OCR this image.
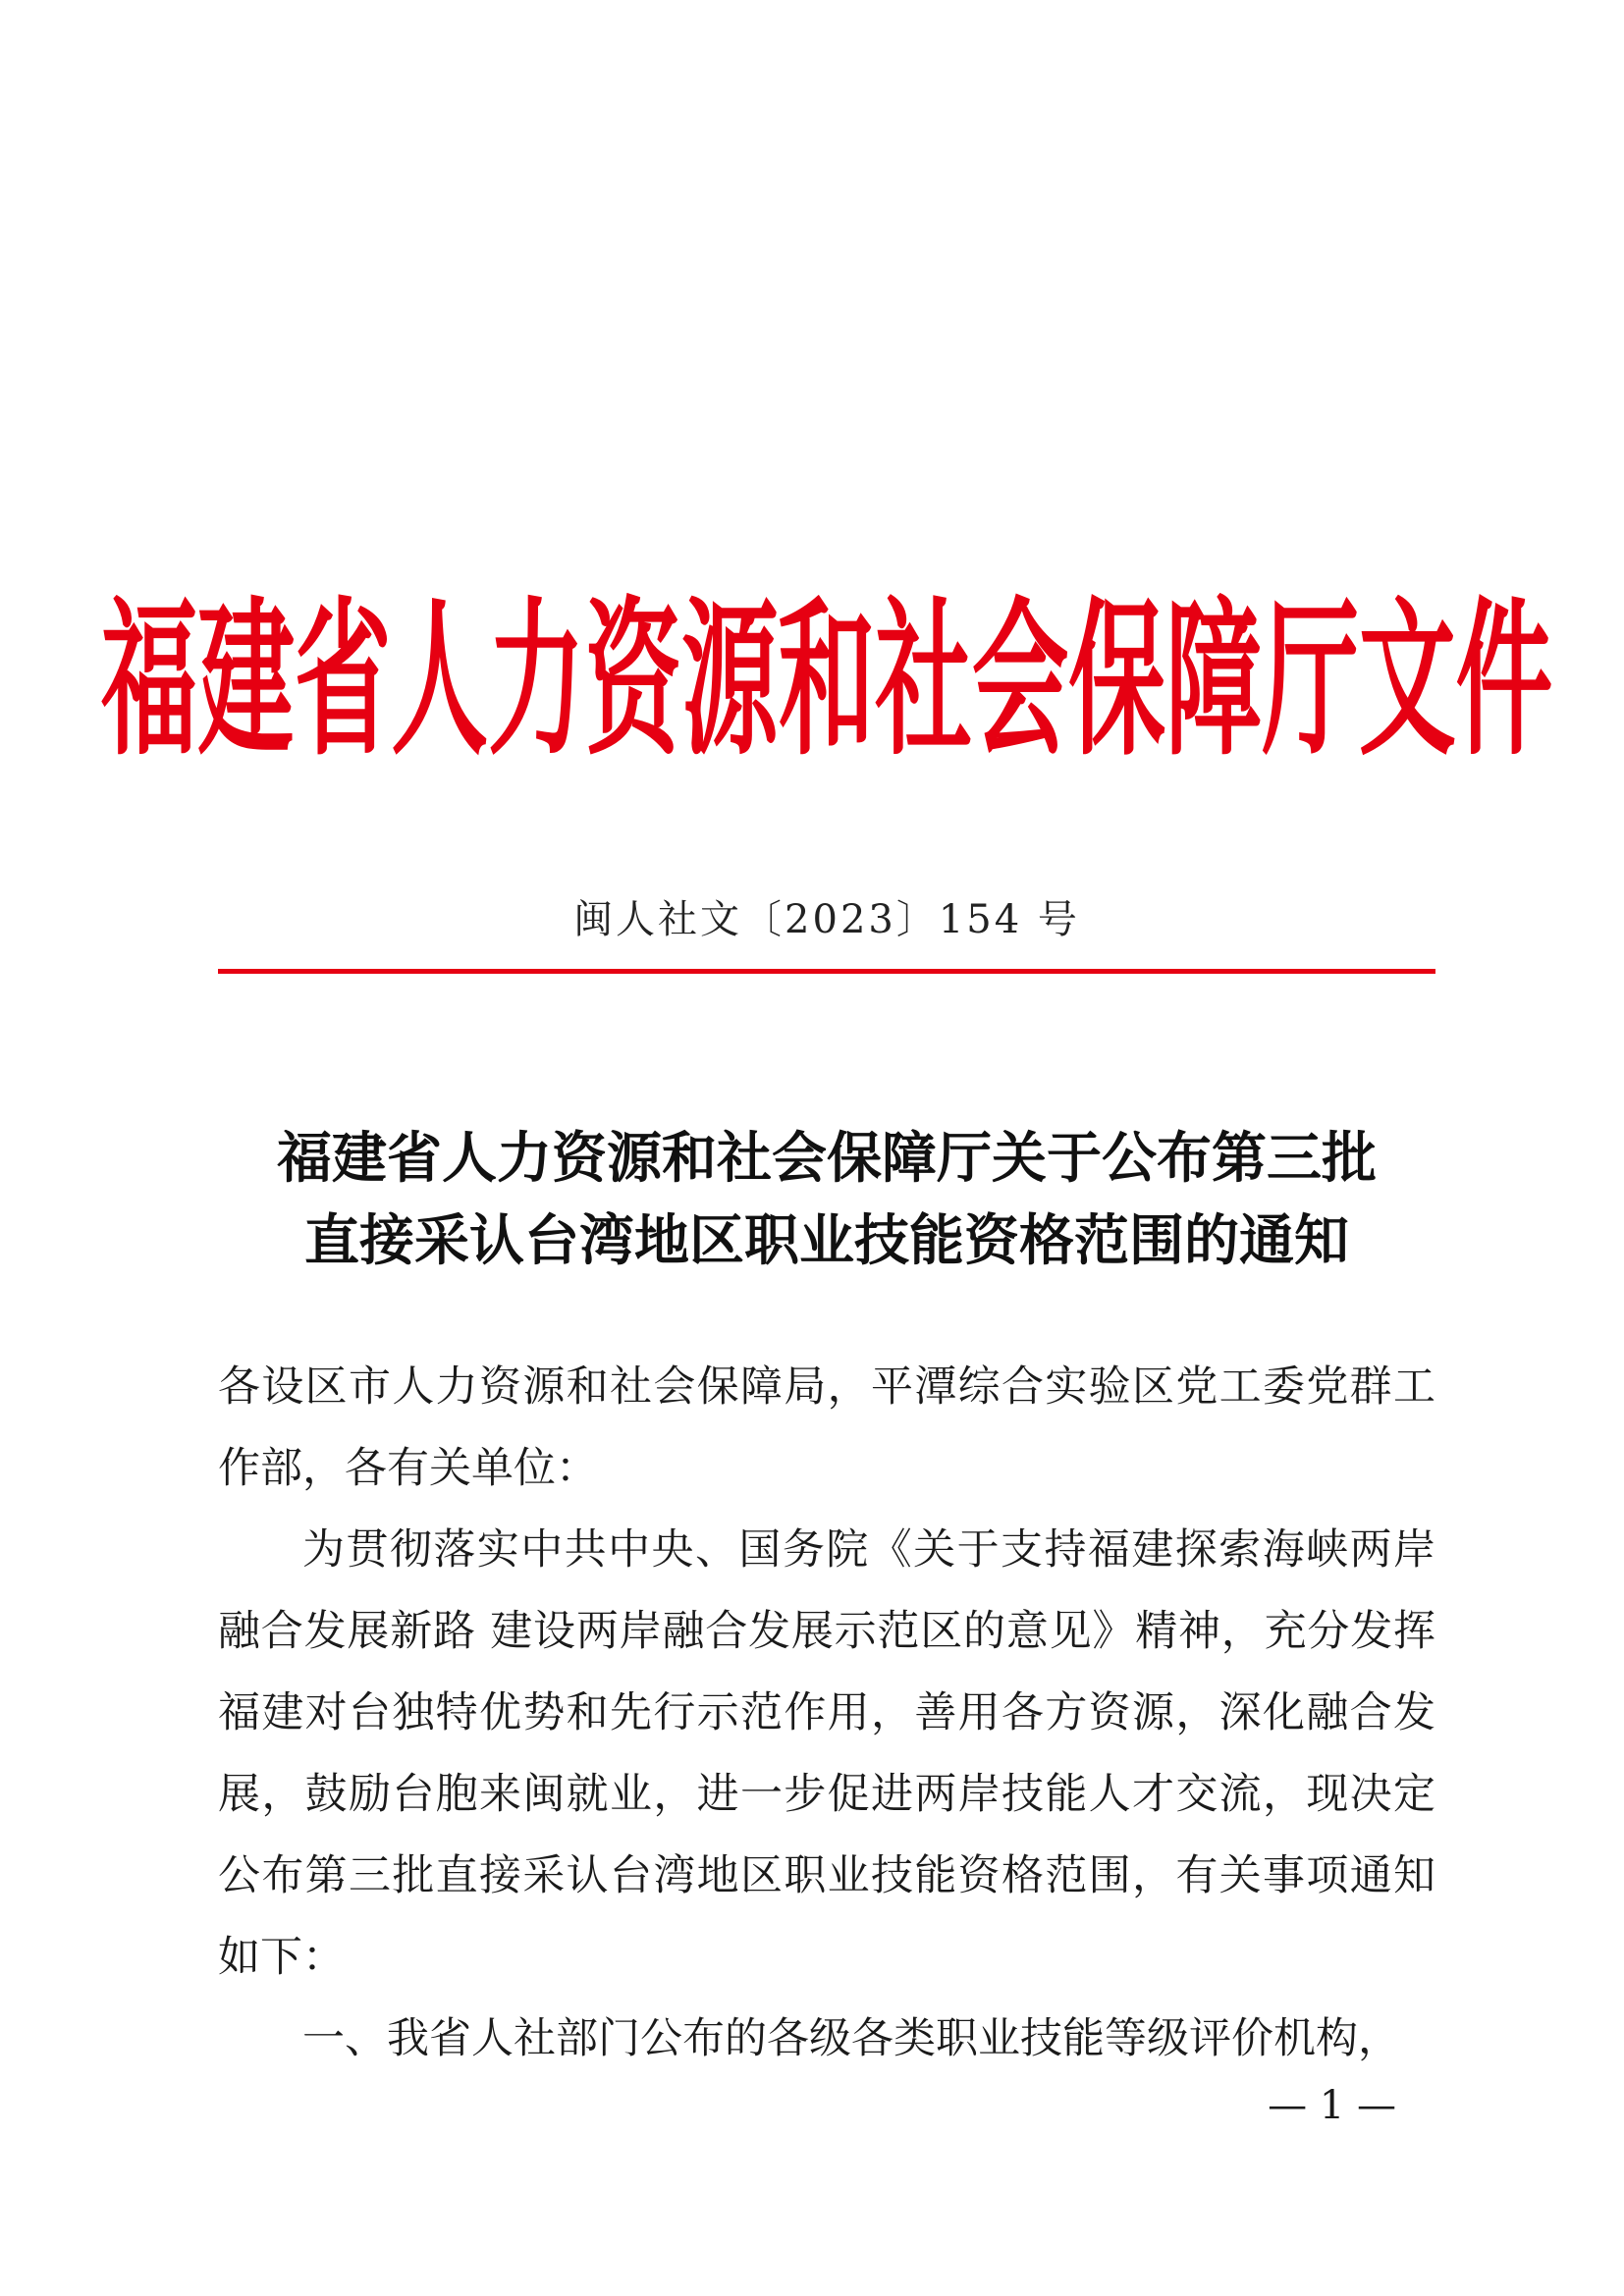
福建省人力资源和社会保障厅文件
闽人社文〔2023〕154 号
福建省人力资源和社会保障厅关于公布第三批
直接采认台湾地区职业技能资格范围的通知

各设区市人力资源和社会保障局，平潭综合实验区党工委党群工作部，各有关单位：

为贯彻落实中共中央、国务院《关于支持福建探索海峡两岸融合发展新路 建设两岸融合发展示范区的意见》精神，充分发挥福建对台独特优势和先行示范作用，善用各方资源，深化融合发展，鼓励台胞来闽就业，进一步促进两岸技能人才交流，现决定公布第三批直接采认台湾地区职业技能资格范围，有关事项通知如下：

一、我省人社部门公布的各级各类职业技能等级评价机构，

— 1 —
